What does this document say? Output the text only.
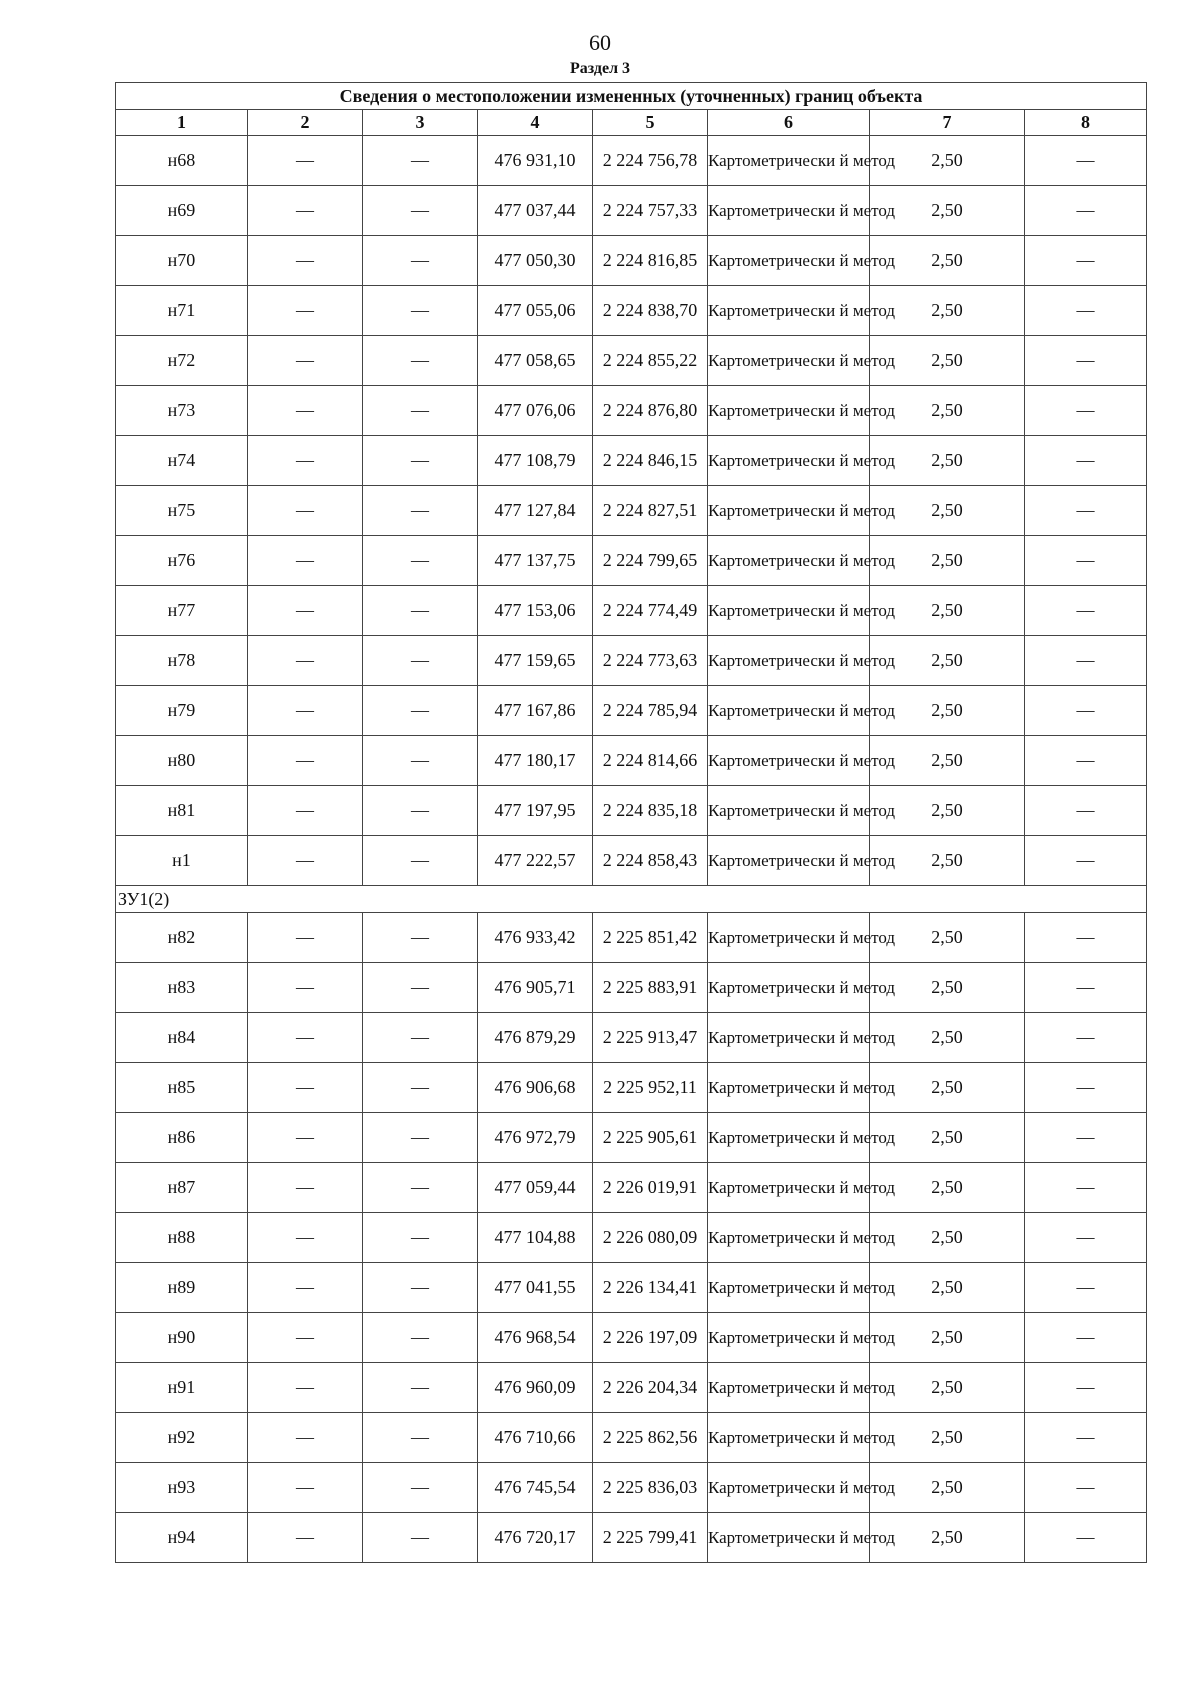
60
Раздел 3
Сведения о местоположении измененных (уточненных) границ объекта							
1	2	3	4	5	6	7	8
н68	—	—	476 931,10	2 224 756,78	Картометрически й метод	2,50	—
н69	—	—	477 037,44	2 224 757,33	Картометрически й метод	2,50	—
н70	—	—	477 050,30	2 224 816,85	Картометрически й метод	2,50	—
н71	—	—	477 055,06	2 224 838,70	Картометрически й метод	2,50	—
н72	—	—	477 058,65	2 224 855,22	Картометрически й метод	2,50	—
н73	—	—	477 076,06	2 224 876,80	Картометрически й метод	2,50	—
н74	—	—	477 108,79	2 224 846,15	Картометрически й метод	2,50	—
н75	—	—	477 127,84	2 224 827,51	Картометрически й метод	2,50	—
н76	—	—	477 137,75	2 224 799,65	Картометрически й метод	2,50	—
н77	—	—	477 153,06	2 224 774,49	Картометрически й метод	2,50	—
н78	—	—	477 159,65	2 224 773,63	Картометрически й метод	2,50	—
н79	—	—	477 167,86	2 224 785,94	Картометрически й метод	2,50	—
н80	—	—	477 180,17	2 224 814,66	Картометрически й метод	2,50	—
н81	—	—	477 197,95	2 224 835,18	Картометрически й метод	2,50	—
н1	—	—	477 222,57	2 224 858,43	Картометрически й метод	2,50	—
ЗУ1(2)							
н82	—	—	476 933,42	2 225 851,42	Картометрически й метод	2,50	—
н83	—	—	476 905,71	2 225 883,91	Картометрически й метод	2,50	—
н84	—	—	476 879,29	2 225 913,47	Картометрически й метод	2,50	—
н85	—	—	476 906,68	2 225 952,11	Картометрически й метод	2,50	—
н86	—	—	476 972,79	2 225 905,61	Картометрически й метод	2,50	—
н87	—	—	477 059,44	2 226 019,91	Картометрически й метод	2,50	—
н88	—	—	477 104,88	2 226 080,09	Картометрически й метод	2,50	—
н89	—	—	477 041,55	2 226 134,41	Картометрически й метод	2,50	—
н90	—	—	476 968,54	2 226 197,09	Картометрически й метод	2,50	—
н91	—	—	476 960,09	2 226 204,34	Картометрически й метод	2,50	—
н92	—	—	476 710,66	2 225 862,56	Картометрически й метод	2,50	—
н93	—	—	476 745,54	2 225 836,03	Картометрически й метод	2,50	—
н94	—	—	476 720,17	2 225 799,41	Картометрически й метод	2,50	—
